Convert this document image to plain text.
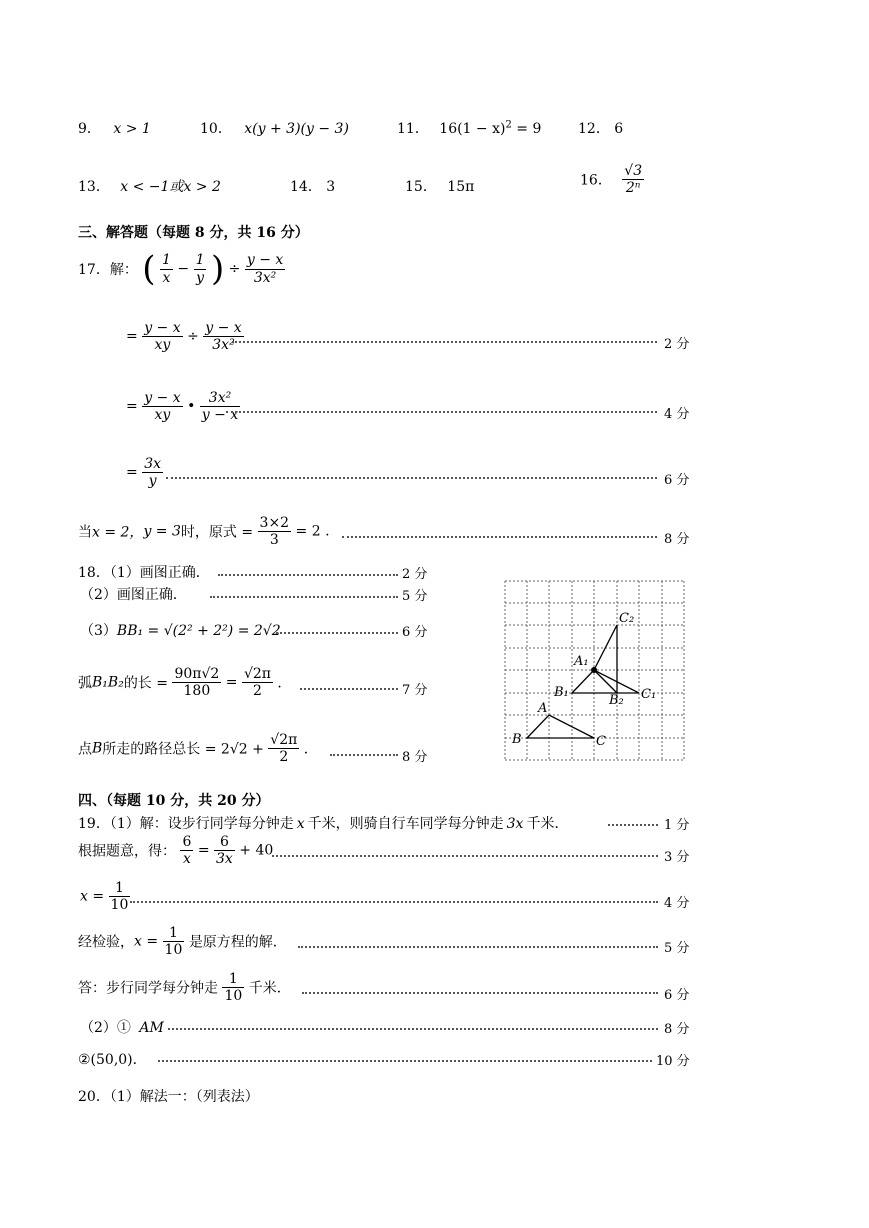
9． x > 1	10． x(y + 3)(y − 3)	11． $16(1 - x)^2 = 9$	12． 6
13． x < −1或x > 2	14． 3	15． 15π	16． $\frac{√3}{\text{2ⁿ}}$
三、解答题（每题 8 分，共 16 分）
17．解： ( $\frac{1}{x} - \frac{1}{y}$ ) ÷ $\frac{y - x}{\text{3x²}}$
= $\frac{y - x}{xy} \div \frac{y - x}{\text{3x²}}$	2 分
= $\frac{y - x}{xy}$ • $\frac{\text{3x²}}{y - x}$	4 分
= $\frac{3x}{y}$	6 分
当x = 2，y = 3时，原式 = $\frac{3\times 2}{3} = 2$ .	8 分
18．（1）画图正确．	2 分
（2）画图正确．	5 分
（3）BB₁ = √(2² + 2²) = 2√2	6 分
弧B₁B₂的长 = $\frac{90\pi√2}{180} = \frac{√2\pi}{2}$ ．	7 分
点B所走的路径总长 = $2√2 + \frac{√2\pi}{2}$ ．	8 分
C₂
A₁
B₁
B₂ C₁
A
B	C
四、（每题 10 分，共 20 分）
19．（1）解：设步行同学每分钟走 x 千米，则骑自行车同学每分钟走 3x 千米．	1 分
根据题意，得： $\frac{6}{x} = \frac{6}{3x} + 40$	3 分
$x = \frac{1}{10}$	4 分
经检验，$x = \frac{1}{10}$ 是原方程的解．	5 分
答：步行同学每分钟走 $\frac{1}{10}$ 千米．	6 分
（2）① AM	8 分
②(50,0)．	10 分
20．（1）解法一：（列表法）
